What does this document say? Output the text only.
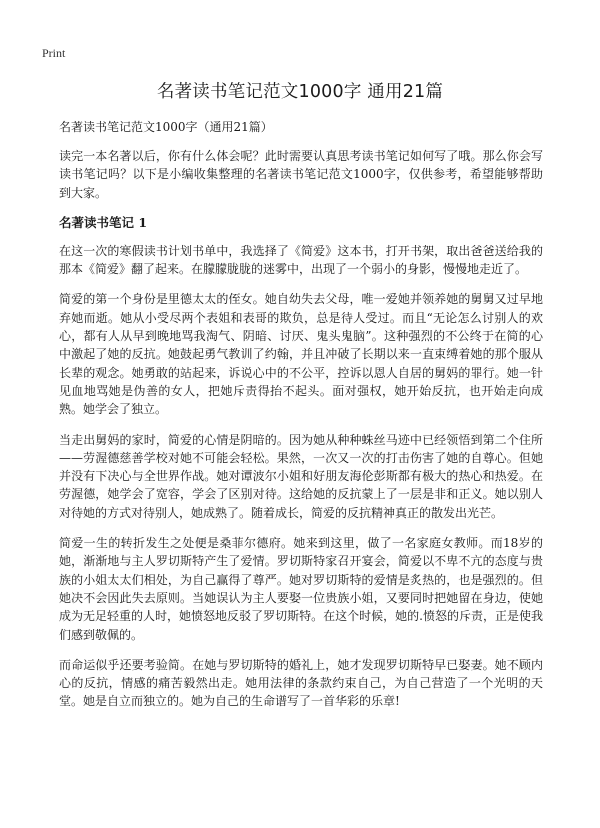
Print
名著读书笔记范文1000字 通用21篇

名著读书笔记范文1000字（通用21篇）

读完一本名著以后，你有什么体会呢？此时需要认真思考读书笔记如何写了哦。那么你会写读书笔记吗？以下是小编收集整理的名著读书笔记范文1000字，仅供参考，希望能够帮助到大家。

名著读书笔记 1

在这一次的寒假读书计划书单中，我选择了《简爱》这本书，打开书架，取出爸爸送给我的那本《简爱》翻了起来。在朦朦胧胧的迷雾中，出现了一个弱小的身影，慢慢地走近了。

简爱的第一个身份是里德太太的侄女。她自幼失去父母，唯一爱她并领养她的舅舅又过早地弃她而逝。她从小受尽两个表姐和表哥的欺负，总是待人受过。而且“无论怎么讨别人的欢心，都有人从早到晚地骂我淘气、阴暗、讨厌、鬼头鬼脑”。这种强烈的不公终于在简的心中激起了她的反抗。她鼓起勇气教训了约翰，并且冲破了长期以来一直束缚着她的那个服从长辈的观念。她勇敢的站起来，诉说心中的不公平，控诉以恩人自居的舅妈的罪行。她一针见血地骂她是伪善的女人，把她斥责得抬不起头。面对强权，她开始反抗，也开始走向成熟。她学会了独立。

当走出舅妈的家时，简爱的心情是阴暗的。因为她从种种蛛丝马迹中已经领悟到第二个住所——劳渥德慈善学校对她不可能会轻松。果然，一次又一次的打击伤害了她的自尊心。但她并没有下决心与全世界作战。她对谭波尔小姐和好朋友海伦彭斯都有极大的热心和热爱。在劳渥德，她学会了宽容，学会了区别对待。这给她的反抗蒙上了一层是非和正义。她以别人对待她的方式对待别人，她成熟了。随着成长，简爱的反抗精神真正的散发出光芒。

简爱一生的转折发生之处便是桑菲尔德府。她来到这里，做了一名家庭女教师。而18岁的她，渐渐地与主人罗切斯特产生了爱情。罗切斯特家召开宴会，简爱以不卑不亢的态度与贵族的小姐太太们相处，为自己赢得了尊严。她对罗切斯特的爱情是炙热的，也是强烈的。但她决不会因此失去原则。当她误认为主人要娶一位贵族小姐，又要同时把她留在身边，使她成为无足轻重的人时，她愤怒地反驳了罗切斯特。在这个时候，她的.愤怒的斥责，正是使我们感到敬佩的。

而命运似乎还要考验简。在她与罗切斯特的婚礼上，她才发现罗切斯特早已娶妻。她不顾内心的反抗，情感的痛苦毅然出走。她用法律的条款约束自己，为自己营造了一个光明的天堂。她是自立而独立的。她为自己的生命谱写了一首华彩的乐章!
